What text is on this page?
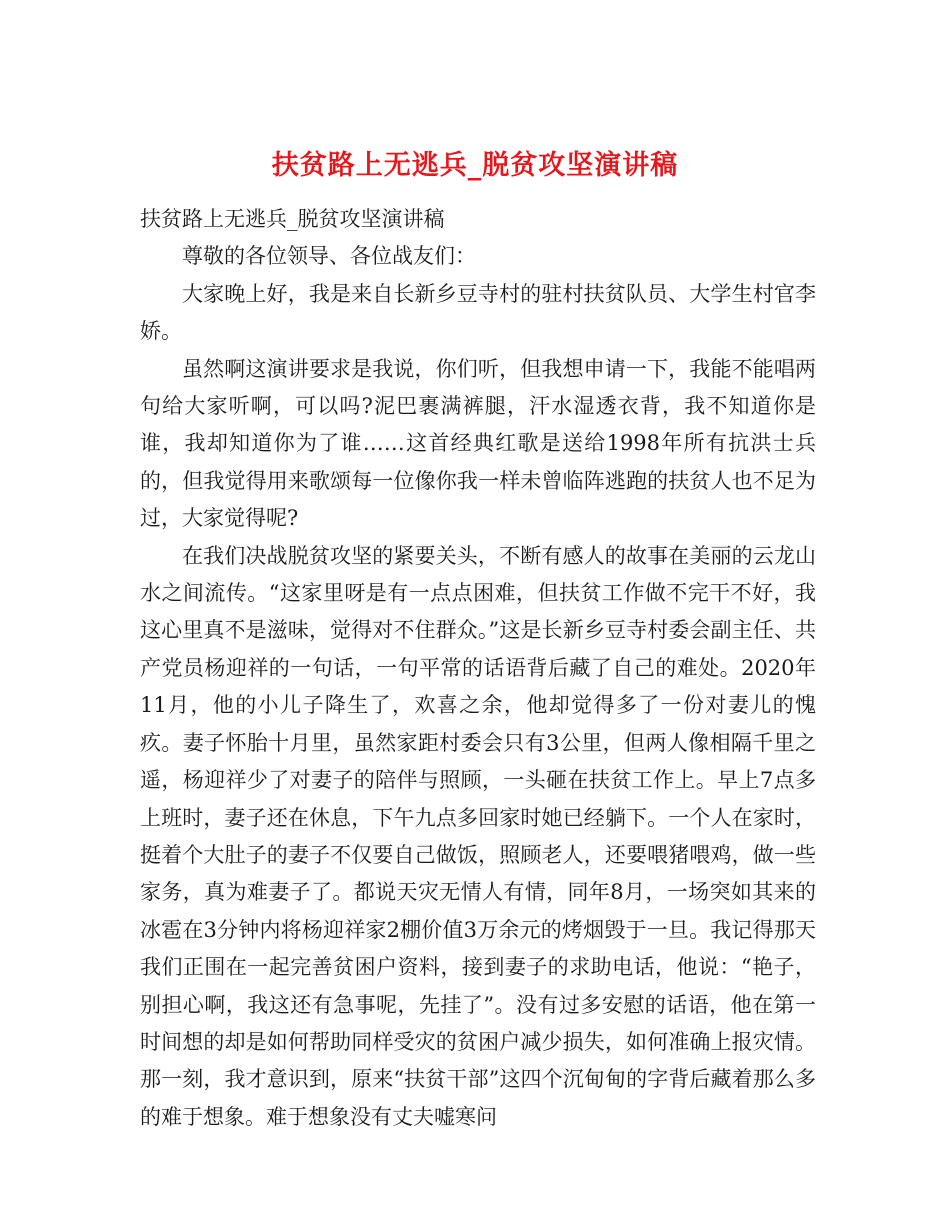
扶贫路上无逃兵_脱贫攻坚演讲稿

扶贫路上无逃兵_脱贫攻坚演讲稿

尊敬的各位领导、各位战友们：

大家晚上好，我是来自长新乡豆寺村的驻村扶贫队员、大学生村官李娇。

虽然啊这演讲要求是我说，你们听，但我想申请一下，我能不能唱两句给大家听啊，可以吗?泥巴裹满裤腿，汗水湿透衣背，我不知道你是谁，我却知道你为了谁……这首经典红歌是送给1998年所有抗洪士兵的，但我觉得用来歌颂每一位像你我一样未曾临阵逃跑的扶贫人也不足为过，大家觉得呢?

在我们决战脱贫攻坚的紧要关头，不断有感人的故事在美丽的云龙山水之间流传。“这家里呀是有一点点困难，但扶贫工作做不完干不好，我这心里真不是滋味，觉得对不住群众。”这是长新乡豆寺村委会副主任、共产党员杨迎祥的一句话，一句平常的话语背后藏了自己的难处。2020年11月，他的小儿子降生了，欢喜之余，他却觉得多了一份对妻儿的愧疚。妻子怀胎十月里，虽然家距村委会只有3公里，但两人像相隔千里之遥，杨迎祥少了对妻子的陪伴与照顾，一头砸在扶贫工作上。早上7点多上班时，妻子还在休息，下午九点多回家时她已经躺下。一个人在家时，挺着个大肚子的妻子不仅要自己做饭，照顾老人，还要喂猪喂鸡，做一些家务，真为难妻子了。都说天灾无情人有情，同年8月，一场突如其来的冰雹在3分钟内将杨迎祥家2棚价值3万余元的烤烟毁于一旦。我记得那天我们正围在一起完善贫困户资料，接到妻子的求助电话，他说：“艳子，别担心啊，我这还有急事呢，先挂了”。没有过多安慰的话语，他在第一时间想的却是如何帮助同样受灾的贫困户减少损失，如何准确上报灾情。那一刻，我才意识到，原来“扶贫干部”这四个沉甸甸的字背后藏着那么多的难于想象。难于想象没有丈夫嘘寒问
